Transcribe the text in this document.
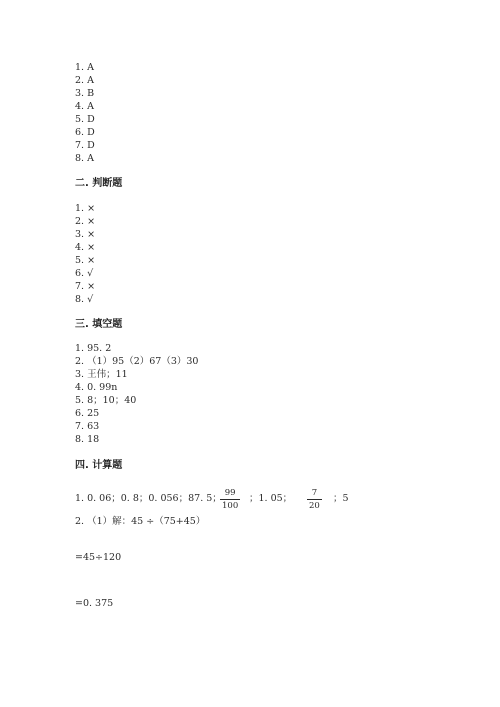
1. A
2. A
3. B
4. A
5. D
6. D
7. D
8. A
二. 判断题
1. ×
2. ×
3. ×
4. ×
5. ×
6. √
7. ×
8. √
三. 填空题
1. 95. 2
2. （1）95（2）67（3）30
3. 王伟；11
4. 0. 99n
5. 8；10；40
6. 25
7. 63
8. 18
四. 计算题
1. 0. 06；0. 8；0. 056；87. 5； 99
100
；1. 05； 7
20
；5
2. （1）解：45 ÷（75+45）
=45÷120
=0. 375
